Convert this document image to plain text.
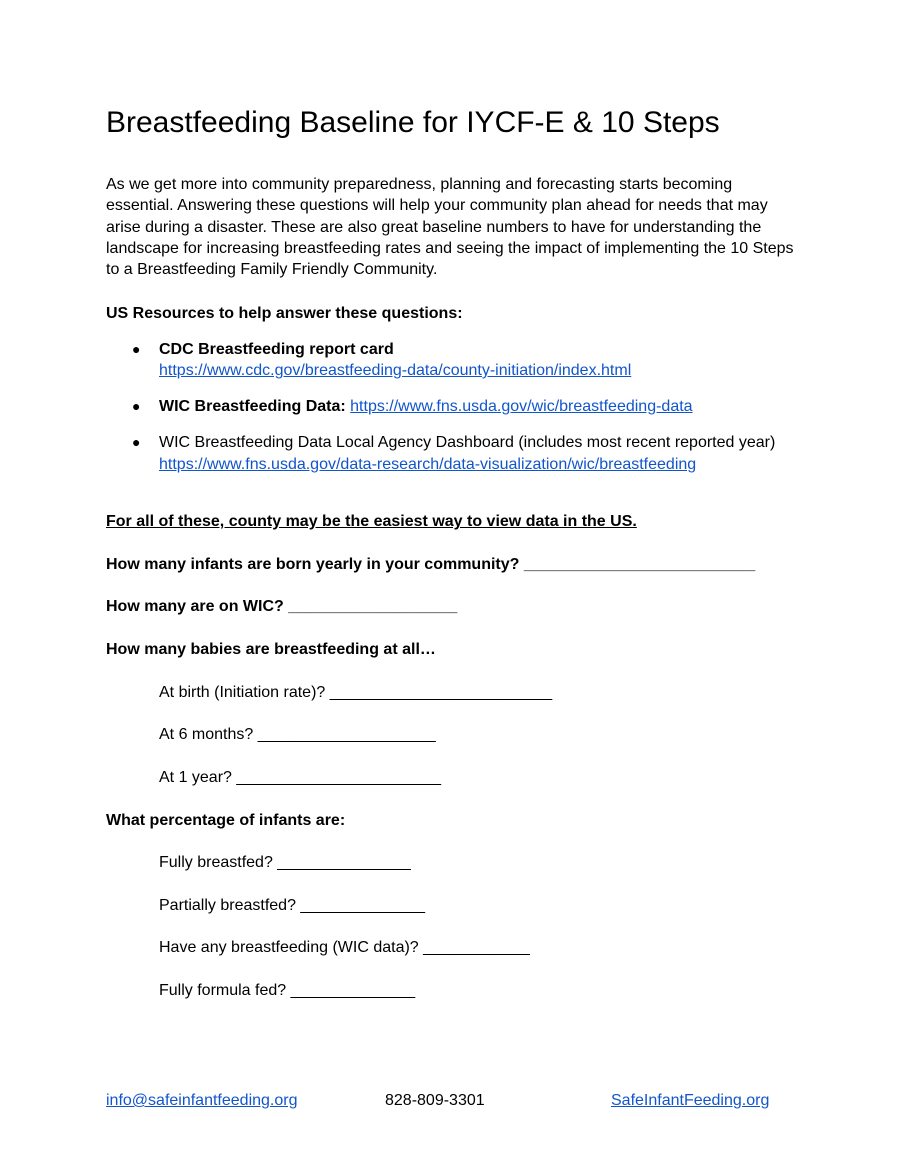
Breastfeeding Baseline for IYCF-E & 10 Steps

As we get more into community preparedness, planning and forecasting starts becoming essential. Answering these questions will help your community plan ahead for needs that may arise during a disaster. These are also great baseline numbers to have for understanding the landscape for increasing breastfeeding rates and seeing the impact of implementing the 10 Steps to a Breastfeeding Family Friendly Community.

US Resources to help answer these questions:
● CDC Breastfeeding report card
https://www.cdc.gov/breastfeeding-data/county-initiation/index.html
● WIC Breastfeeding Data: https://www.fns.usda.gov/wic/breastfeeding-data
● WIC Breastfeeding Data Local Agency Dashboard (includes most recent reported year)
https://www.fns.usda.gov/data-research/data-visualization/wic/breastfeeding
For all of these, county may be the easiest way to view data in the US.
How many infants are born yearly in your community? __________________________
How many are on WIC? ___________________
How many babies are breastfeeding at all…
At birth (Initiation rate)? _________________________
At 6 months? ____________________
At 1 year? _______________________
What percentage of infants are:
Fully breastfed? _______________
Partially breastfed? ______________
Have any breastfeeding (WIC data)? ____________
Fully formula fed? ______________
info@safeinfantfeeding.org	828-809-3301	SafeInfantFeeding.org
